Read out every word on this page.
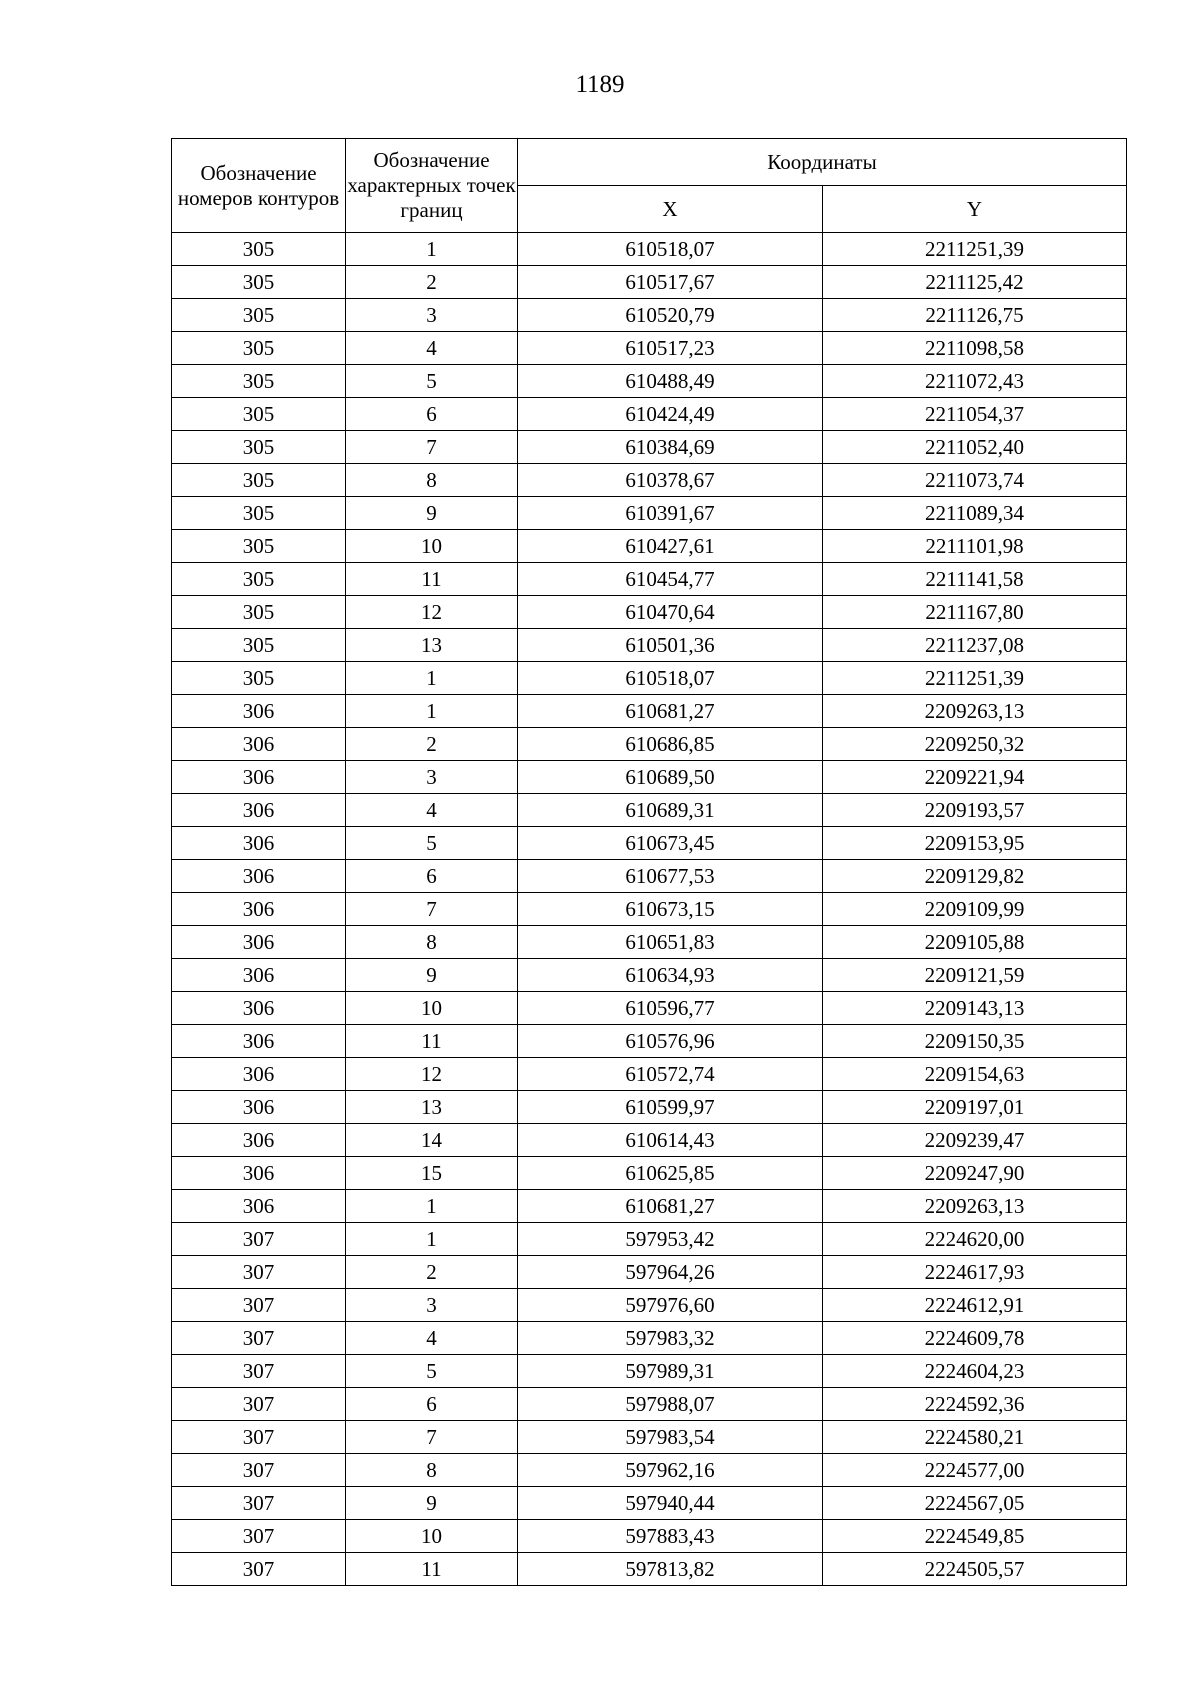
1189
Обозначение номеров контуров	Обозначение характерных точек границ	Координаты	
		X	Y
305	1	610518,07	2211251,39
305	2	610517,67	2211125,42
305	3	610520,79	2211126,75
305	4	610517,23	2211098,58
305	5	610488,49	2211072,43
305	6	610424,49	2211054,37
305	7	610384,69	2211052,40
305	8	610378,67	2211073,74
305	9	610391,67	2211089,34
305	10	610427,61	2211101,98
305	11	610454,77	2211141,58
305	12	610470,64	2211167,80
305	13	610501,36	2211237,08
305	1	610518,07	2211251,39
306	1	610681,27	2209263,13
306	2	610686,85	2209250,32
306	3	610689,50	2209221,94
306	4	610689,31	2209193,57
306	5	610673,45	2209153,95
306	6	610677,53	2209129,82
306	7	610673,15	2209109,99
306	8	610651,83	2209105,88
306	9	610634,93	2209121,59
306	10	610596,77	2209143,13
306	11	610576,96	2209150,35
306	12	610572,74	2209154,63
306	13	610599,97	2209197,01
306	14	610614,43	2209239,47
306	15	610625,85	2209247,90
306	1	610681,27	2209263,13
307	1	597953,42	2224620,00
307	2	597964,26	2224617,93
307	3	597976,60	2224612,91
307	4	597983,32	2224609,78
307	5	597989,31	2224604,23
307	6	597988,07	2224592,36
307	7	597983,54	2224580,21
307	8	597962,16	2224577,00
307	9	597940,44	2224567,05
307	10	597883,43	2224549,85
307	11	597813,82	2224505,57
